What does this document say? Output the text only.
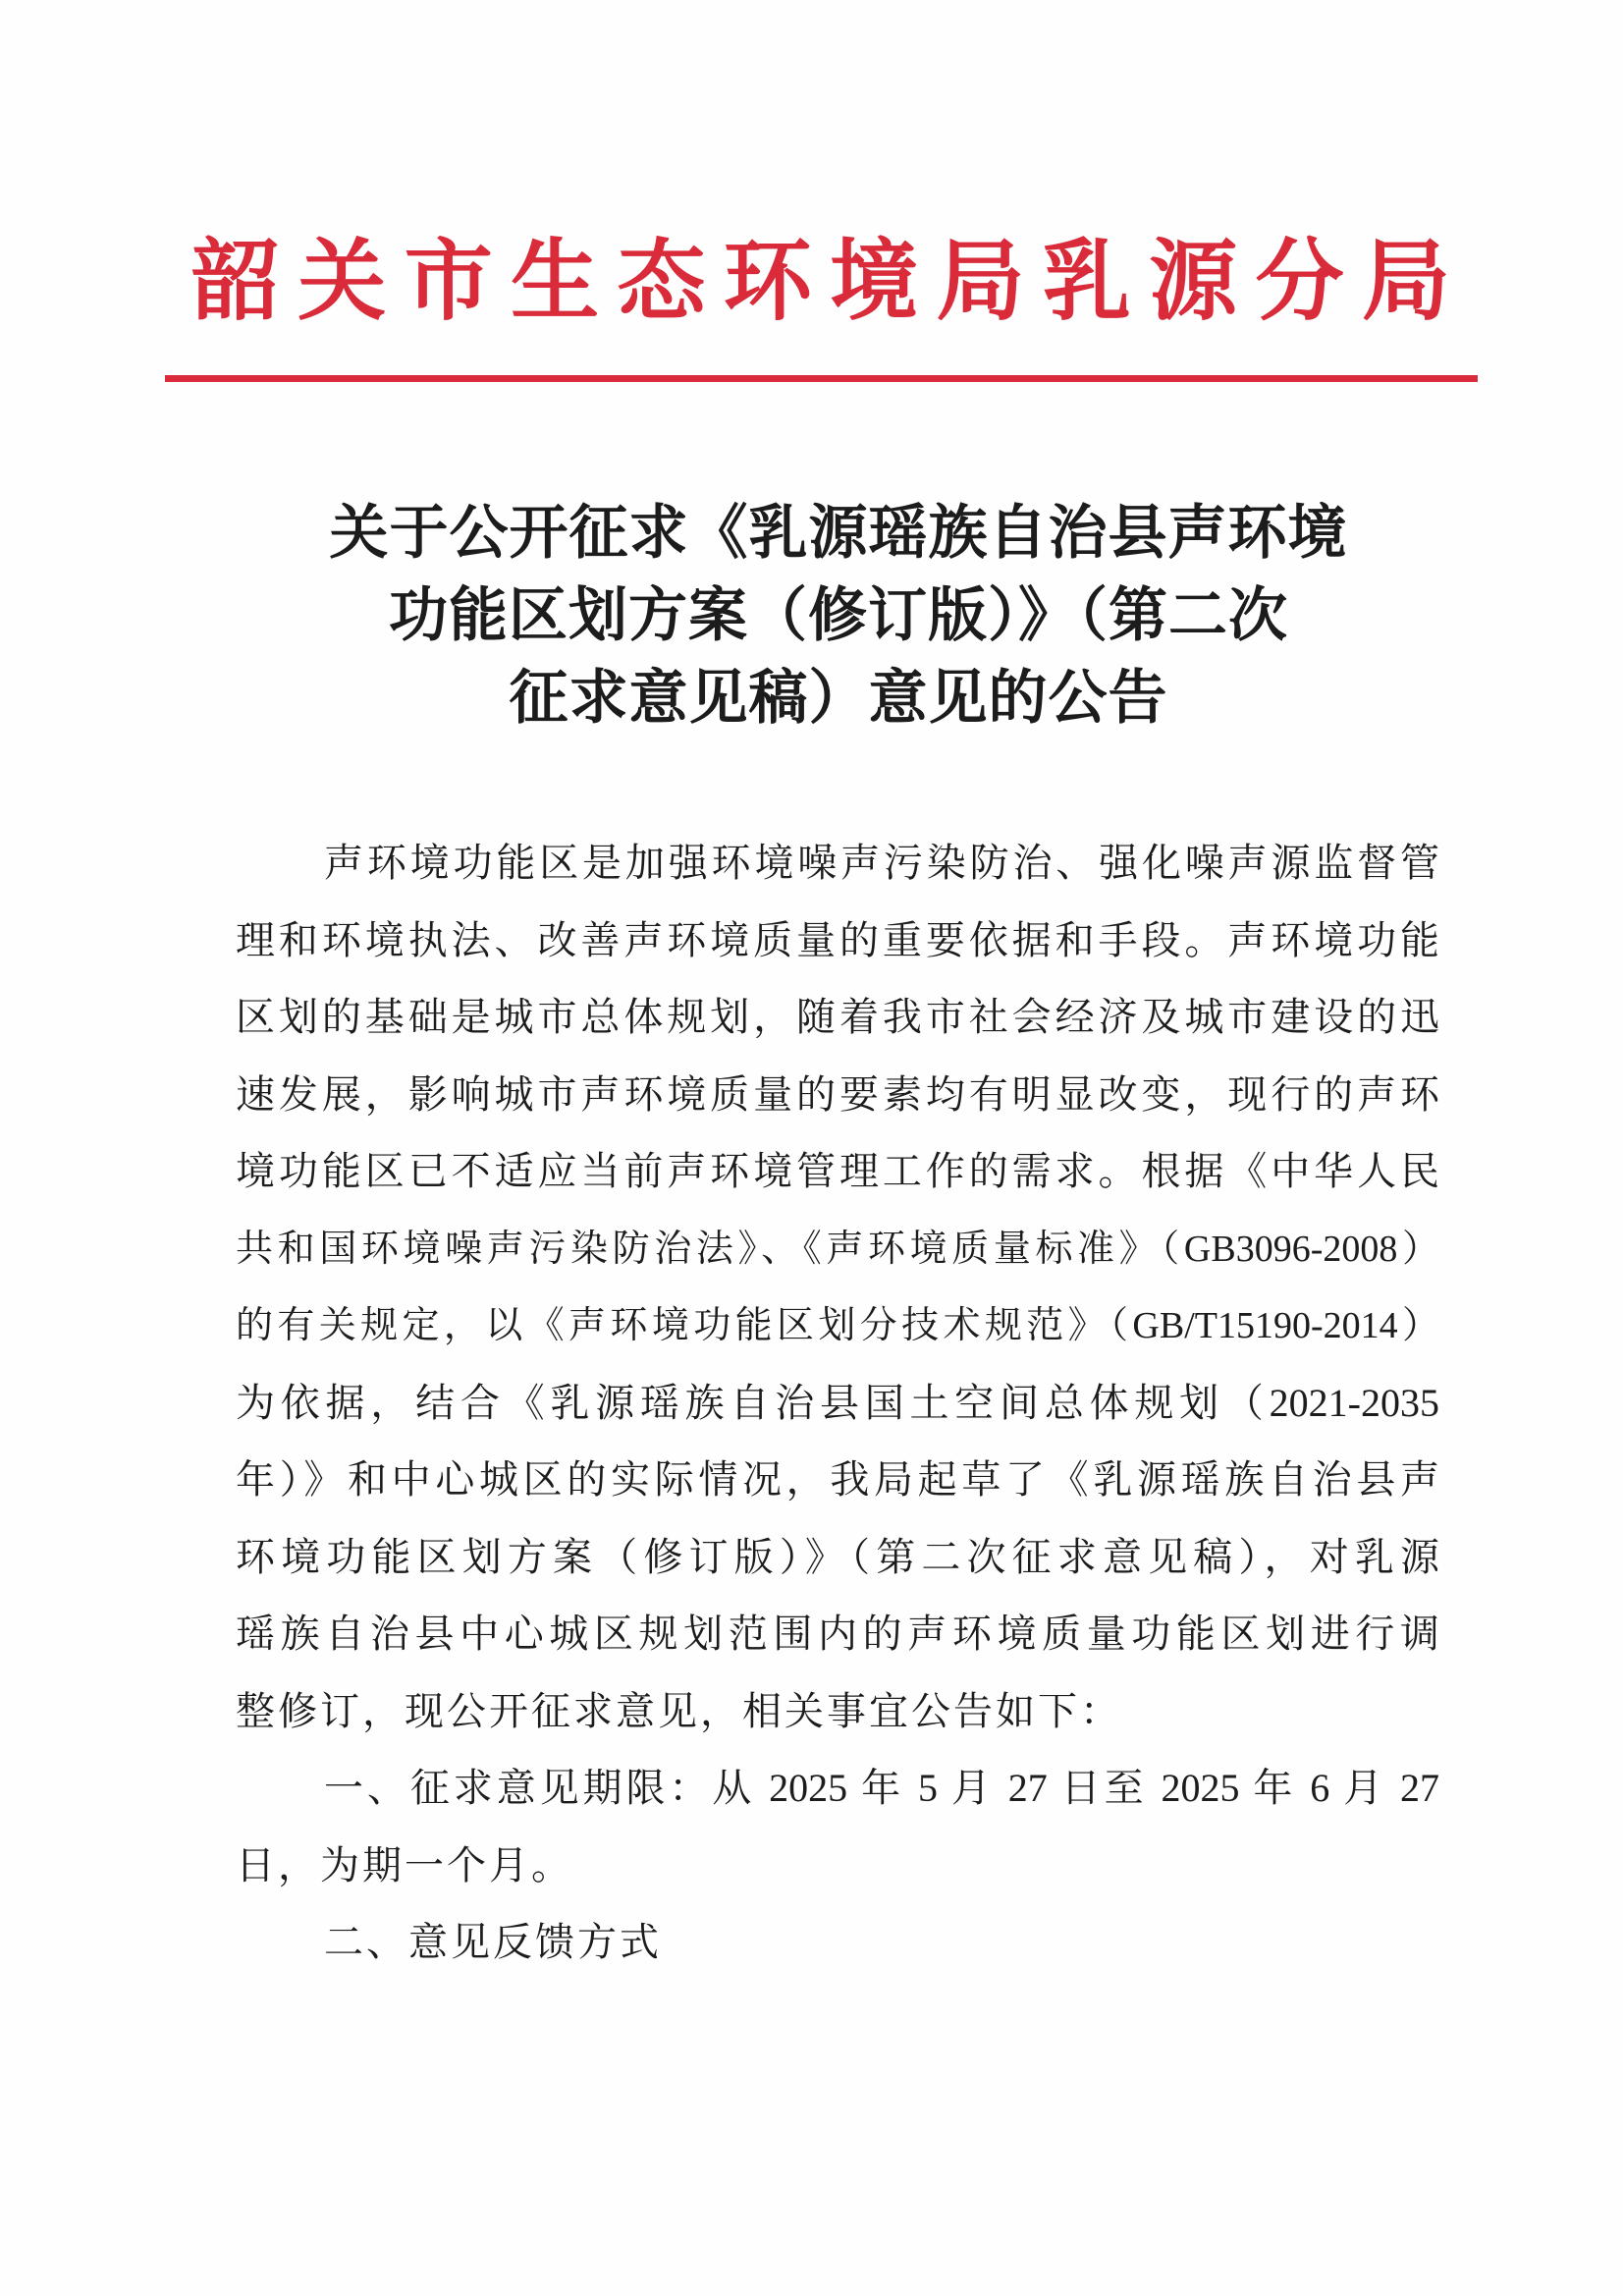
韶关市生态环境局乳源分局
关于公开征求《乳源瑶族自治县声环境
功能区划方案（修订版）》（第二次
征求意见稿）意见的公告
声环境功能区是加强环境噪声污染防治、强化噪声源监督管
理和环境执法、改善声环境质量的重要依据和手段。声环境功能
区划的基础是城市总体规划，随着我市社会经济及城市建设的迅
速发展，影响城市声环境质量的要素均有明显改变，现行的声环
境功能区已不适应当前声环境管理工作的需求。根据《中华人民
共和国环境噪声污染防治法》、《声环境质量标准》（GB3096-2008）
的有关规定，以《声环境功能区划分技术规范》（GB/T15190-2014）
为依据，结合《乳源瑶族自治县国土空间总体规划（2021-2035
年）》和中心城区的实际情况，我局起草了《乳源瑶族自治县声
环境功能区划方案（修订版）》（第二次征求意见稿），对乳源
瑶族自治县中心城区规划范围内的声环境质量功能区划进行调
整修订，现公开征求意见，相关事宜公告如下：
一、征求意见期限：从 2025 年 5 月 27 日至 2025 年 6 月 27
日，为期一个月。
二、意见反馈方式
